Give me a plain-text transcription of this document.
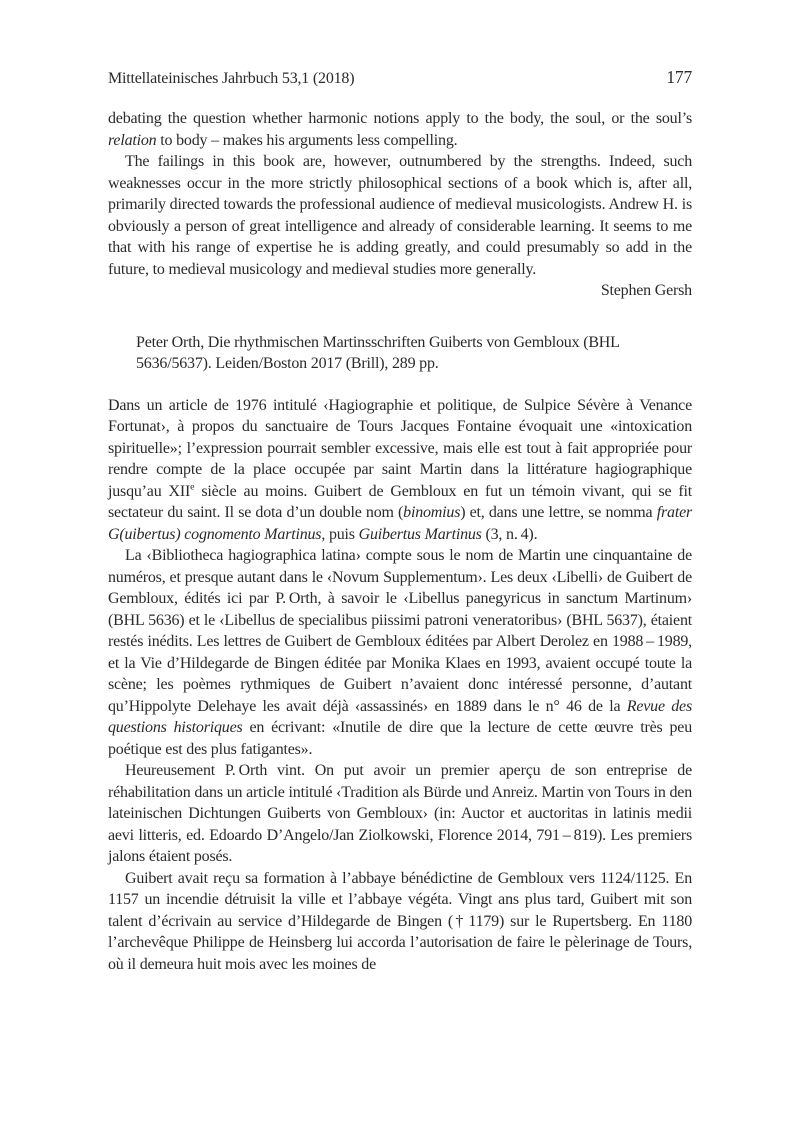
Mittellateinisches Jahrbuch 53,1 (2018)	177

debating the question whether harmonic notions apply to the body, the soul, or the soul’s relation to body – makes his arguments less compelling.

The failings in this book are, however, outnumbered by the strengths. Indeed, such weaknesses occur in the more strictly philosophical sections of a book which is, after all, primarily directed towards the professional audience of medieval musicologists. Andrew H. is obviously a person of great intelligence and already of considerable learning. It seems to me that with his range of expertise he is adding greatly, and could presumably so add in the future, to medieval musicology and medieval studies more generally.

Stephen Gersh

Peter Orth, Die rhythmischen Martinsschriften Guiberts von Gembloux (BHL 5636/5637). Leiden/Boston 2017 (Brill), 289 pp.

Dans un article de 1976 intitulé ‹Hagiographie et politique, de Sulpice Sévère à Venance Fortunat›, à propos du sanctuaire de Tours Jacques Fontaine évoquait une «intoxication spirituelle»; l’expression pourrait sembler excessive, mais elle est tout à fait appropriée pour rendre compte de la place occupée par saint Martin dans la littérature hagiographique jusqu’au XIIe siècle au moins. Guibert de Gembloux en fut un témoin vivant, qui se fit sectateur du saint. Il se dota d’un double nom (binomius) et, dans une lettre, se nomma frater G(uibertus) cognomento Martinus, puis Guibertus Martinus (3, n. 4).

La ‹Bibliotheca hagiographica latina› compte sous le nom de Martin une cinquantaine de numéros, et presque autant dans le ‹Novum Supplementum›. Les deux ‹Libelli› de Guibert de Gembloux, édités ici par P. Orth, à savoir le ‹Libellus panegyricus in sanctum Martinum› (BHL 5636) et le ‹Libellus de specialibus piissimi patroni veneratoribus› (BHL 5637), étaient restés inédits. Les lettres de Guibert de Gembloux éditées par Albert Derolez en 1988 – 1989, et la Vie d’Hildegarde de Bingen éditée par Monika Klaes en 1993, avaient occupé toute la scène; les poèmes rythmiques de Guibert n’avaient donc intéressé personne, d’autant qu’Hippolyte Delehaye les avait déjà ‹assassinés› en 1889 dans le n° 46 de la Revue des questions historiques en écrivant: «Inutile de dire que la lecture de cette œuvre très peu poétique est des plus fatigantes».

Heureusement P. Orth vint. On put avoir un premier aperçu de son entreprise de réhabilitation dans un article intitulé ‹Tradition als Bürde und Anreiz. Martin von Tours in den lateinischen Dichtungen Guiberts von Gembloux› (in: Auctor et auctoritas in latinis medii aevi litteris, ed. Edoardo D’Angelo/Jan Ziolkowski, Florence 2014, 791 – 819). Les premiers jalons étaient posés.

Guibert avait reçu sa formation à l’abbaye bénédictine de Gembloux vers 1124/1125. En 1157 un incendie détruisit la ville et l’abbaye végéta. Vingt ans plus tard, Guibert mit son talent d’écrivain au service d’Hildegarde de Bingen († 1179) sur le Rupertsberg. En 1180 l’archevêque Philippe de Heinsberg lui accorda l’autorisation de faire le pèlerinage de Tours, où il demeura huit mois avec les moines de
